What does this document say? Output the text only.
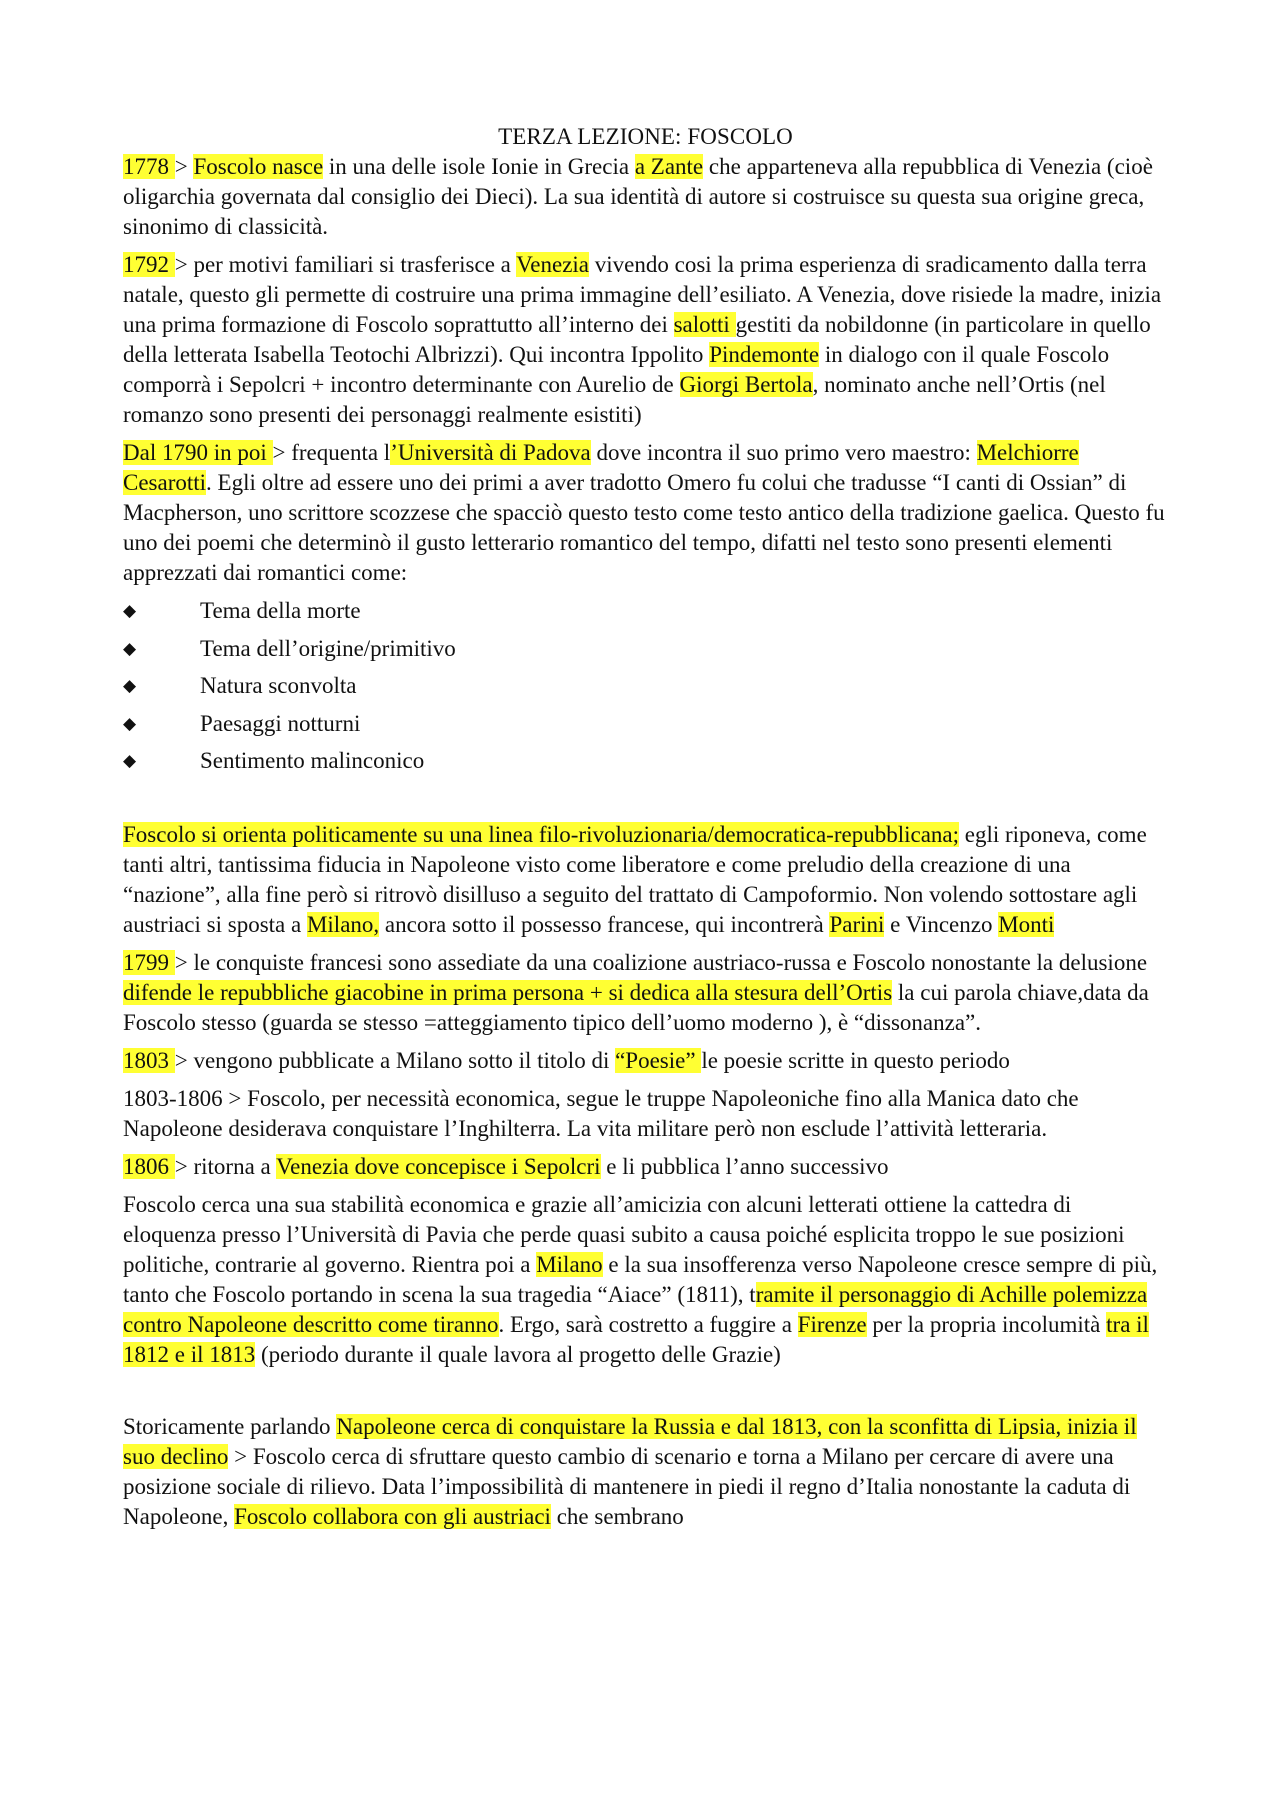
TERZA LEZIONE: FOSCOLO

1778 > Foscolo nasce in una delle isole Ionie in Grecia a Zante che apparteneva alla repubblica di Venezia (cioè oligarchia governata dal consiglio dei Dieci). La sua identità di autore si costruisce su questa sua origine greca, sinonimo di classicità.

1792 > per motivi familiari si trasferisce a Venezia vivendo cosi la prima esperienza di sradicamento dalla terra natale, questo gli permette di costruire una prima immagine dell’esiliato. A Venezia, dove risiede la madre, inizia una prima formazione di Foscolo soprattutto all’interno dei salotti gestiti da nobildonne (in particolare in quello della letterata Isabella Teotochi Albrizzi). Qui incontra Ippolito Pindemonte in dialogo con il quale Foscolo comporrà i Sepolcri + incontro determinante con Aurelio de Giorgi Bertola, nominato anche nell’Ortis (nel romanzo sono presenti dei personaggi realmente esistiti)

Dal 1790 in poi > frequenta l’Università di Padova dove incontra il suo primo vero maestro: Melchiorre Cesarotti. Egli oltre ad essere uno dei primi a aver tradotto Omero fu colui che tradusse “I canti di Ossian” di Macpherson, uno scrittore scozzese che spacciò questo testo come testo antico della tradizione gaelica. Questo fu uno dei poemi che determinò il gusto letterario romantico del tempo, difatti nel testo sono presenti elementi apprezzati dai romantici come:

◆	Tema della morte
◆	Tema dell’origine/primitivo
◆	Natura sconvolta
◆	Paesaggi notturni
◆	Sentimento malinconico

Foscolo si orienta politicamente su una linea filo-rivoluzionaria/democratica-repubblicana; egli riponeva, come tanti altri, tantissima fiducia in Napoleone visto come liberatore e come preludio della creazione di una “nazione”, alla fine però si ritrovò disilluso a seguito del trattato di Campoformio. Non volendo sottostare agli austriaci si sposta a Milano, ancora sotto il possesso francese, qui incontrerà Parini e Vincenzo Monti

1799 > le conquiste francesi sono assediate da una coalizione austriaco-russa e Foscolo nonostante la delusione difende le repubbliche giacobine in prima persona + si dedica alla stesura dell’Ortis la cui parola chiave,data da Foscolo stesso (guarda se stesso =atteggiamento tipico dell’uomo moderno ), è “dissonanza”.

1803 > vengono pubblicate a Milano sotto il titolo di “Poesie” le poesie scritte in questo periodo

1803-1806 > Foscolo, per necessità economica, segue le truppe Napoleoniche fino alla Manica dato che Napoleone desiderava conquistare l’Inghilterra. La vita militare però non esclude l’attività letteraria.

1806 > ritorna a Venezia dove concepisce i Sepolcri e li pubblica l’anno successivo

Foscolo cerca una sua stabilità economica e grazie all’amicizia con alcuni letterati ottiene la cattedra di eloquenza presso l’Università di Pavia che perde quasi subito a causa poiché esplicita troppo le sue posizioni politiche, contrarie al governo. Rientra poi a Milano e la sua insofferenza verso Napoleone cresce sempre di più, tanto che Foscolo portando in scena la sua tragedia “Aiace” (1811), tramite il personaggio di Achille polemizza contro Napoleone descritto come tiranno. Ergo, sarà costretto a fuggire a Firenze per la propria incolumità tra il 1812 e il 1813 (periodo durante il quale lavora al progetto delle Grazie)

Storicamente parlando Napoleone cerca di conquistare la Russia e dal 1813, con la sconfitta di Lipsia, inizia il suo declino > Foscolo cerca di sfruttare questo cambio di scenario e torna a Milano per cercare di avere una posizione sociale di rilievo. Data l’impossibilità di mantenere in piedi il regno d’Italia nonostante la caduta di Napoleone, Foscolo collabora con gli austriaci che sembrano
